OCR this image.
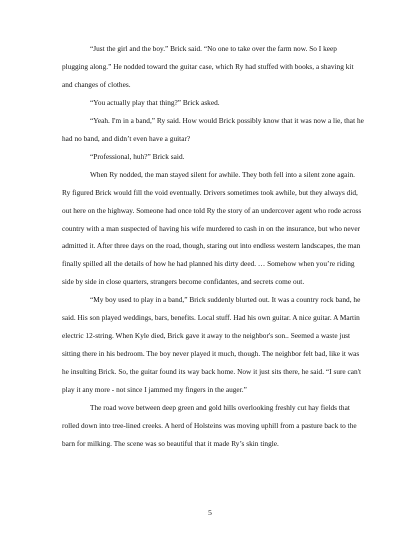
“Just the girl and the boy.” Brick said. “No one to take over the farm now. So I keep plugging along.” He nodded toward the guitar case, which Ry had stuffed with books, a shaving kit and changes of clothes.

“You actually play that thing?” Brick asked.

“Yeah. I'm in a band,” Ry said. How would Brick possibly know that it was now a lie, that he had no band, and didn’t even have a guitar?

“Professional, huh?” Brick said.

When Ry nodded, the man stayed silent for awhile. They both fell into a silent zone again. Ry figured Brick would fill the void eventually. Drivers sometimes took awhile, but they always did, out here on the highway. Someone had once told Ry the story of an undercover agent who rode across country with a man suspected of having his wife murdered to cash in on the insurance, but who never admitted it. After three days on the road, though, staring out into endless western landscapes, the man finally spilled all the details of how he had planned his dirty deed. … Somehow when you’re riding side by side in close quarters, strangers become confidantes, and secrets come out.

“My boy used to play in a band,” Brick suddenly blurted out. It was a country rock band, he said. His son played weddings, bars, benefits. Local stuff. Had his own guitar. A nice guitar. A Martin electric 12-string. When Kyle died, Brick gave it away to the neighbor's son.. Seemed a waste just sitting there in his bedroom. The boy never played it much, though. The neighbor felt bad, like it was he insulting Brick. So, the guitar found its way back home. Now it just sits there, he said. “I sure can't play it any more - not since I jammed my fingers in the auger.”

The road wove between deep green and gold hills overlooking freshly cut hay fields that rolled down into tree-lined creeks. A herd of Holsteins was moving uphill from a pasture back to the barn for milking. The scene was so beautiful that it made Ry’s skin tingle.

5
